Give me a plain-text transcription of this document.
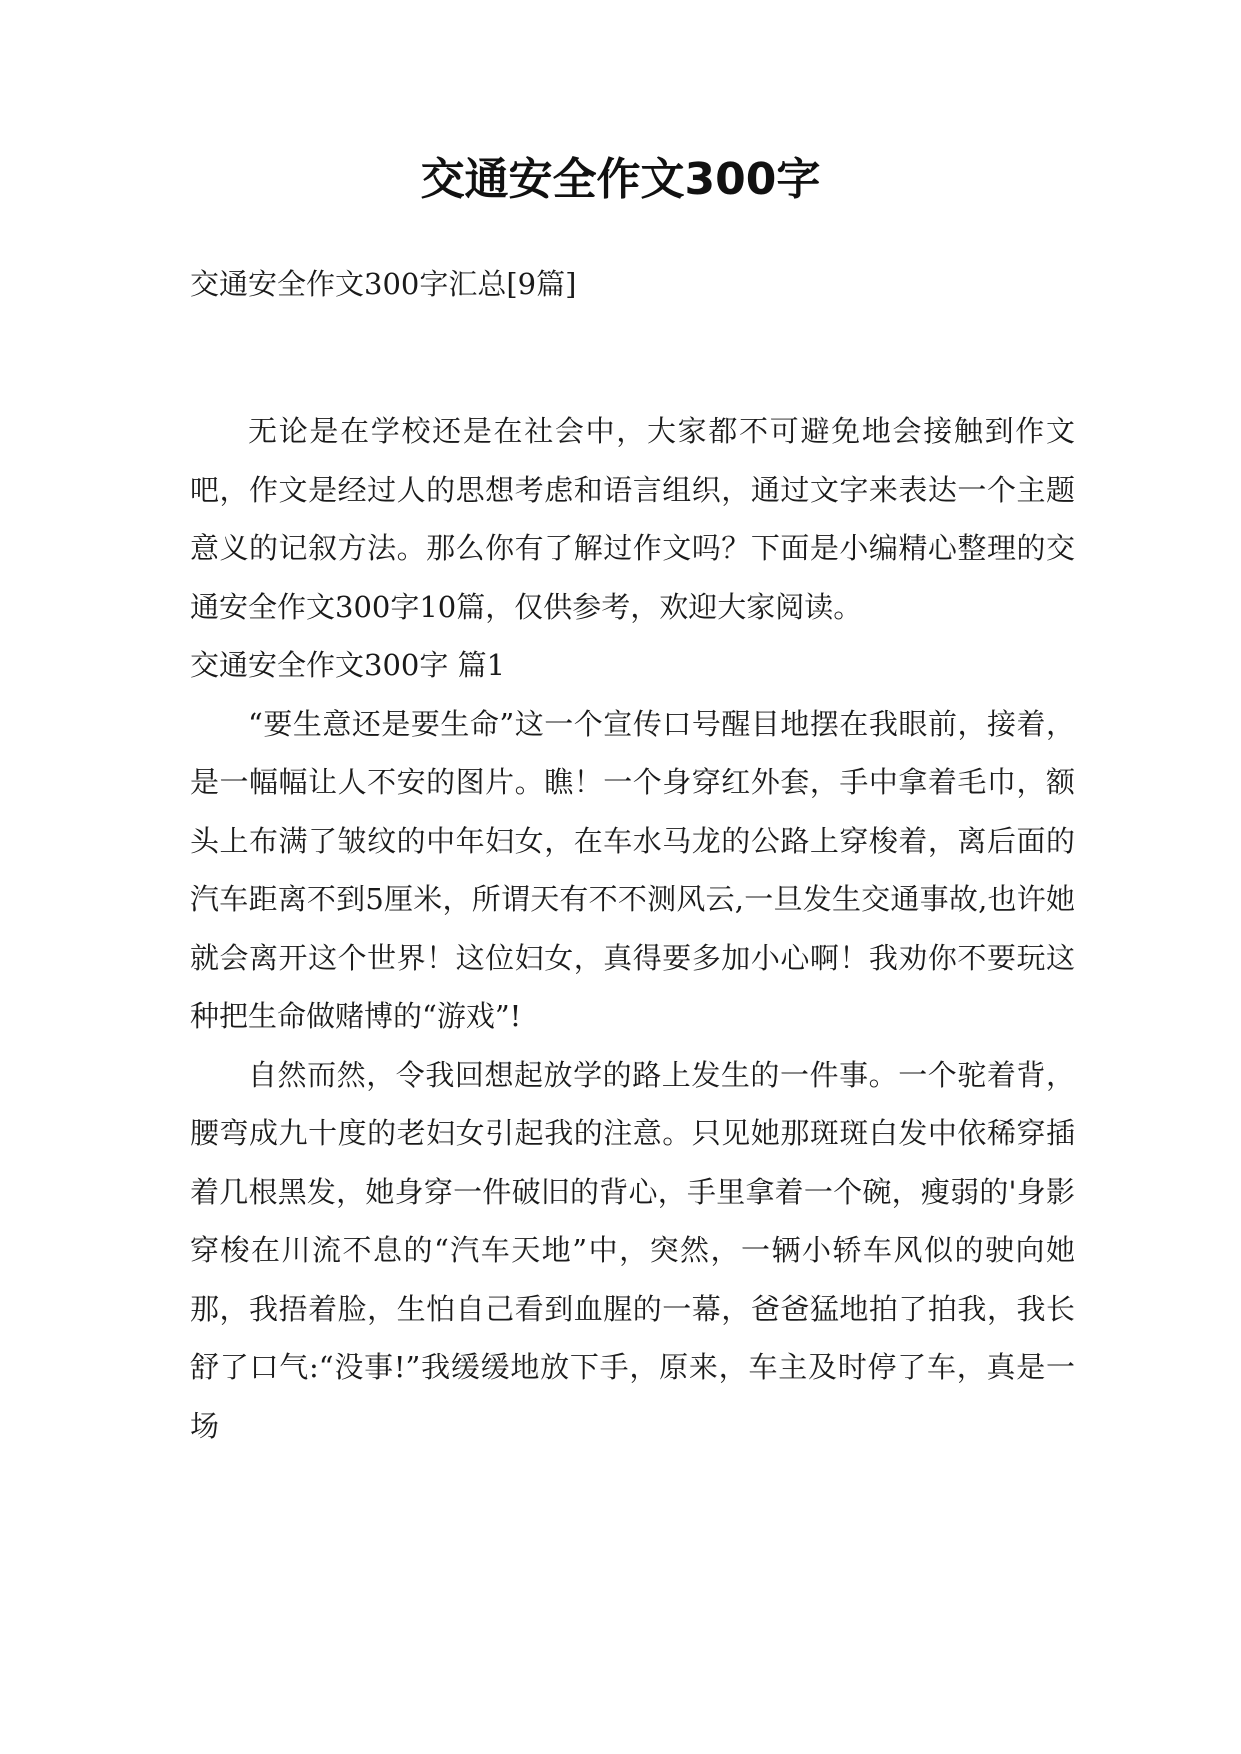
交通安全作文300字
交通安全作文300字汇总[9篇]

无论是在学校还是在社会中，大家都不可避免地会接触到作文吧，作文是经过人的思想考虑和语言组织，通过文字来表达一个主题意义的记叙方法。那么你有了解过作文吗？下面是小编精心整理的交通安全作文300字10篇，仅供参考，欢迎大家阅读。

交通安全作文300字 篇1

“要生意还是要生命”这一个宣传口号醒目地摆在我眼前，接着，是一幅幅让人不安的图片。瞧！一个身穿红外套，手中拿着毛巾，额头上布满了皱纹的中年妇女，在车水马龙的公路上穿梭着，离后面的汽车距离不到5厘米，所谓天有不不测风云,一旦发生交通事故,也许她就会离开这个世界！这位妇女，真得要多加小心啊！我劝你不要玩这种把生命做赌博的“游戏”!

自然而然，令我回想起放学的路上发生的一件事。一个驼着背，腰弯成九十度的老妇女引起我的注意。只见她那斑斑白发中依稀穿插着几根黑发，她身穿一件破旧的背心，手里拿着一个碗，瘦弱的'身影穿梭在川流不息的“汽车天地”中，突然，一辆小轿车风似的驶向她那，我捂着脸，生怕自己看到血腥的一幕，爸爸猛地拍了拍我，我长舒了口气:“没事!”我缓缓地放下手，原来，车主及时停了车，真是一场
